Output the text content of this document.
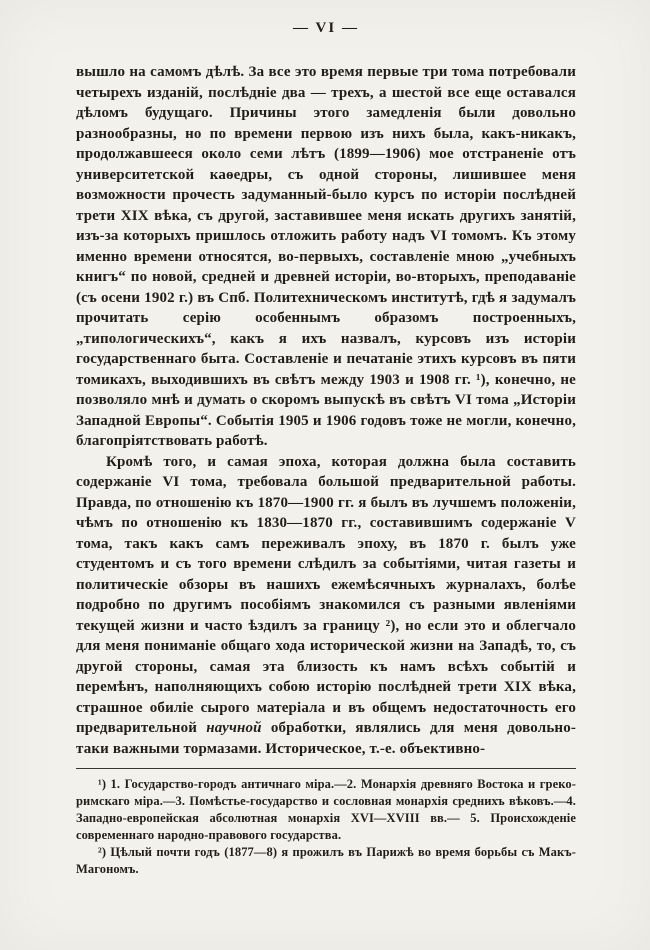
— VI —

вышло на самомъ дѣлѣ. За все это время первые три тома потребовали четырехъ изданій, послѣдніе два — трехъ, а шестой все еще оставался дѣломъ будущаго. Причины этого замедленія были довольно разнообразны, но по времени первою изъ нихъ была, какъ-никакъ, продолжавшееся около семи лѣтъ (1899—1906) мое отстраненіе отъ университетской каѳедры, съ одной стороны, лишившее меня возможности прочесть задуманный-было курсъ по исторіи послѣдней трети XIX вѣка, съ другой, заставившее меня искать другихъ занятій, изъ-за которыхъ пришлось отложить работу надъ VI томомъ. Къ этому именно времени относятся, во-первыхъ, составленіе мною „учебныхъ книгъ“ по новой, средней и древней исторіи, во-вторыхъ, преподаваніе (съ осени 1902 г.) въ Спб. Политехническомъ институтѣ, гдѣ я задумалъ прочитать серію особеннымъ образомъ построенныхъ, „типологическихъ“, какъ я ихъ назвалъ, курсовъ изъ исторіи государственнаго быта. Составленіе и печатаніе этихъ курсовъ въ пяти томикахъ, выходившихъ въ свѣтъ между 1903 и 1908 гг. ¹), конечно, не позволяло мнѣ и думать о скоромъ выпускѣ въ свѣтъ VI тома „Исторіи Западной Европы“. Событія 1905 и 1906 годовъ тоже не могли, конечно, благопріятствовать работѣ.

Кромѣ того, и самая эпоха, которая должна была составить содержаніе VI тома, требовала большой предварительной работы. Правда, по отношенію къ 1870—1900 гг. я былъ въ лучшемъ положеніи, чѣмъ по отношенію къ 1830—1870 гг., составившимъ содержаніе V тома, такъ какъ самъ переживалъ эпоху, въ 1870 г. былъ уже студентомъ и съ того времени слѣдилъ за событіями, читая газеты и политическіе обзоры въ нашихъ ежемѣсячныхъ журналахъ, болѣе подробно по другимъ пособіямъ знакомился съ разными явленіями текущей жизни и часто ѣздилъ за границу ²), но если это и облегчало для меня пониманіе общаго хода исторической жизни на Западѣ, то, съ другой стороны, самая эта близость къ намъ всѣхъ событій и перемѣнъ, наполняющихъ собою исторію послѣдней трети XIX вѣка, страшное обиліе сырого матеріала и въ общемъ недостаточность его предварительной научной обработки, являлись для меня довольно-таки важными тормазами. Историческое, т.-е. объективно-

¹) 1. Государство-городъ античнаго міра.—2. Монархія древняго Востока и греко-римскаго міра.—3. Помѣстье-государство и сословная монархія среднихъ вѣковъ.—4. Западно-европейская абсолютная монархія XVI—XVIII вв.— 5. Происхожденіе современнаго народно-правового государства.

²) Цѣлый почти годъ (1877—8) я прожилъ въ Парижѣ во время борьбы съ Макъ-Магономъ.
